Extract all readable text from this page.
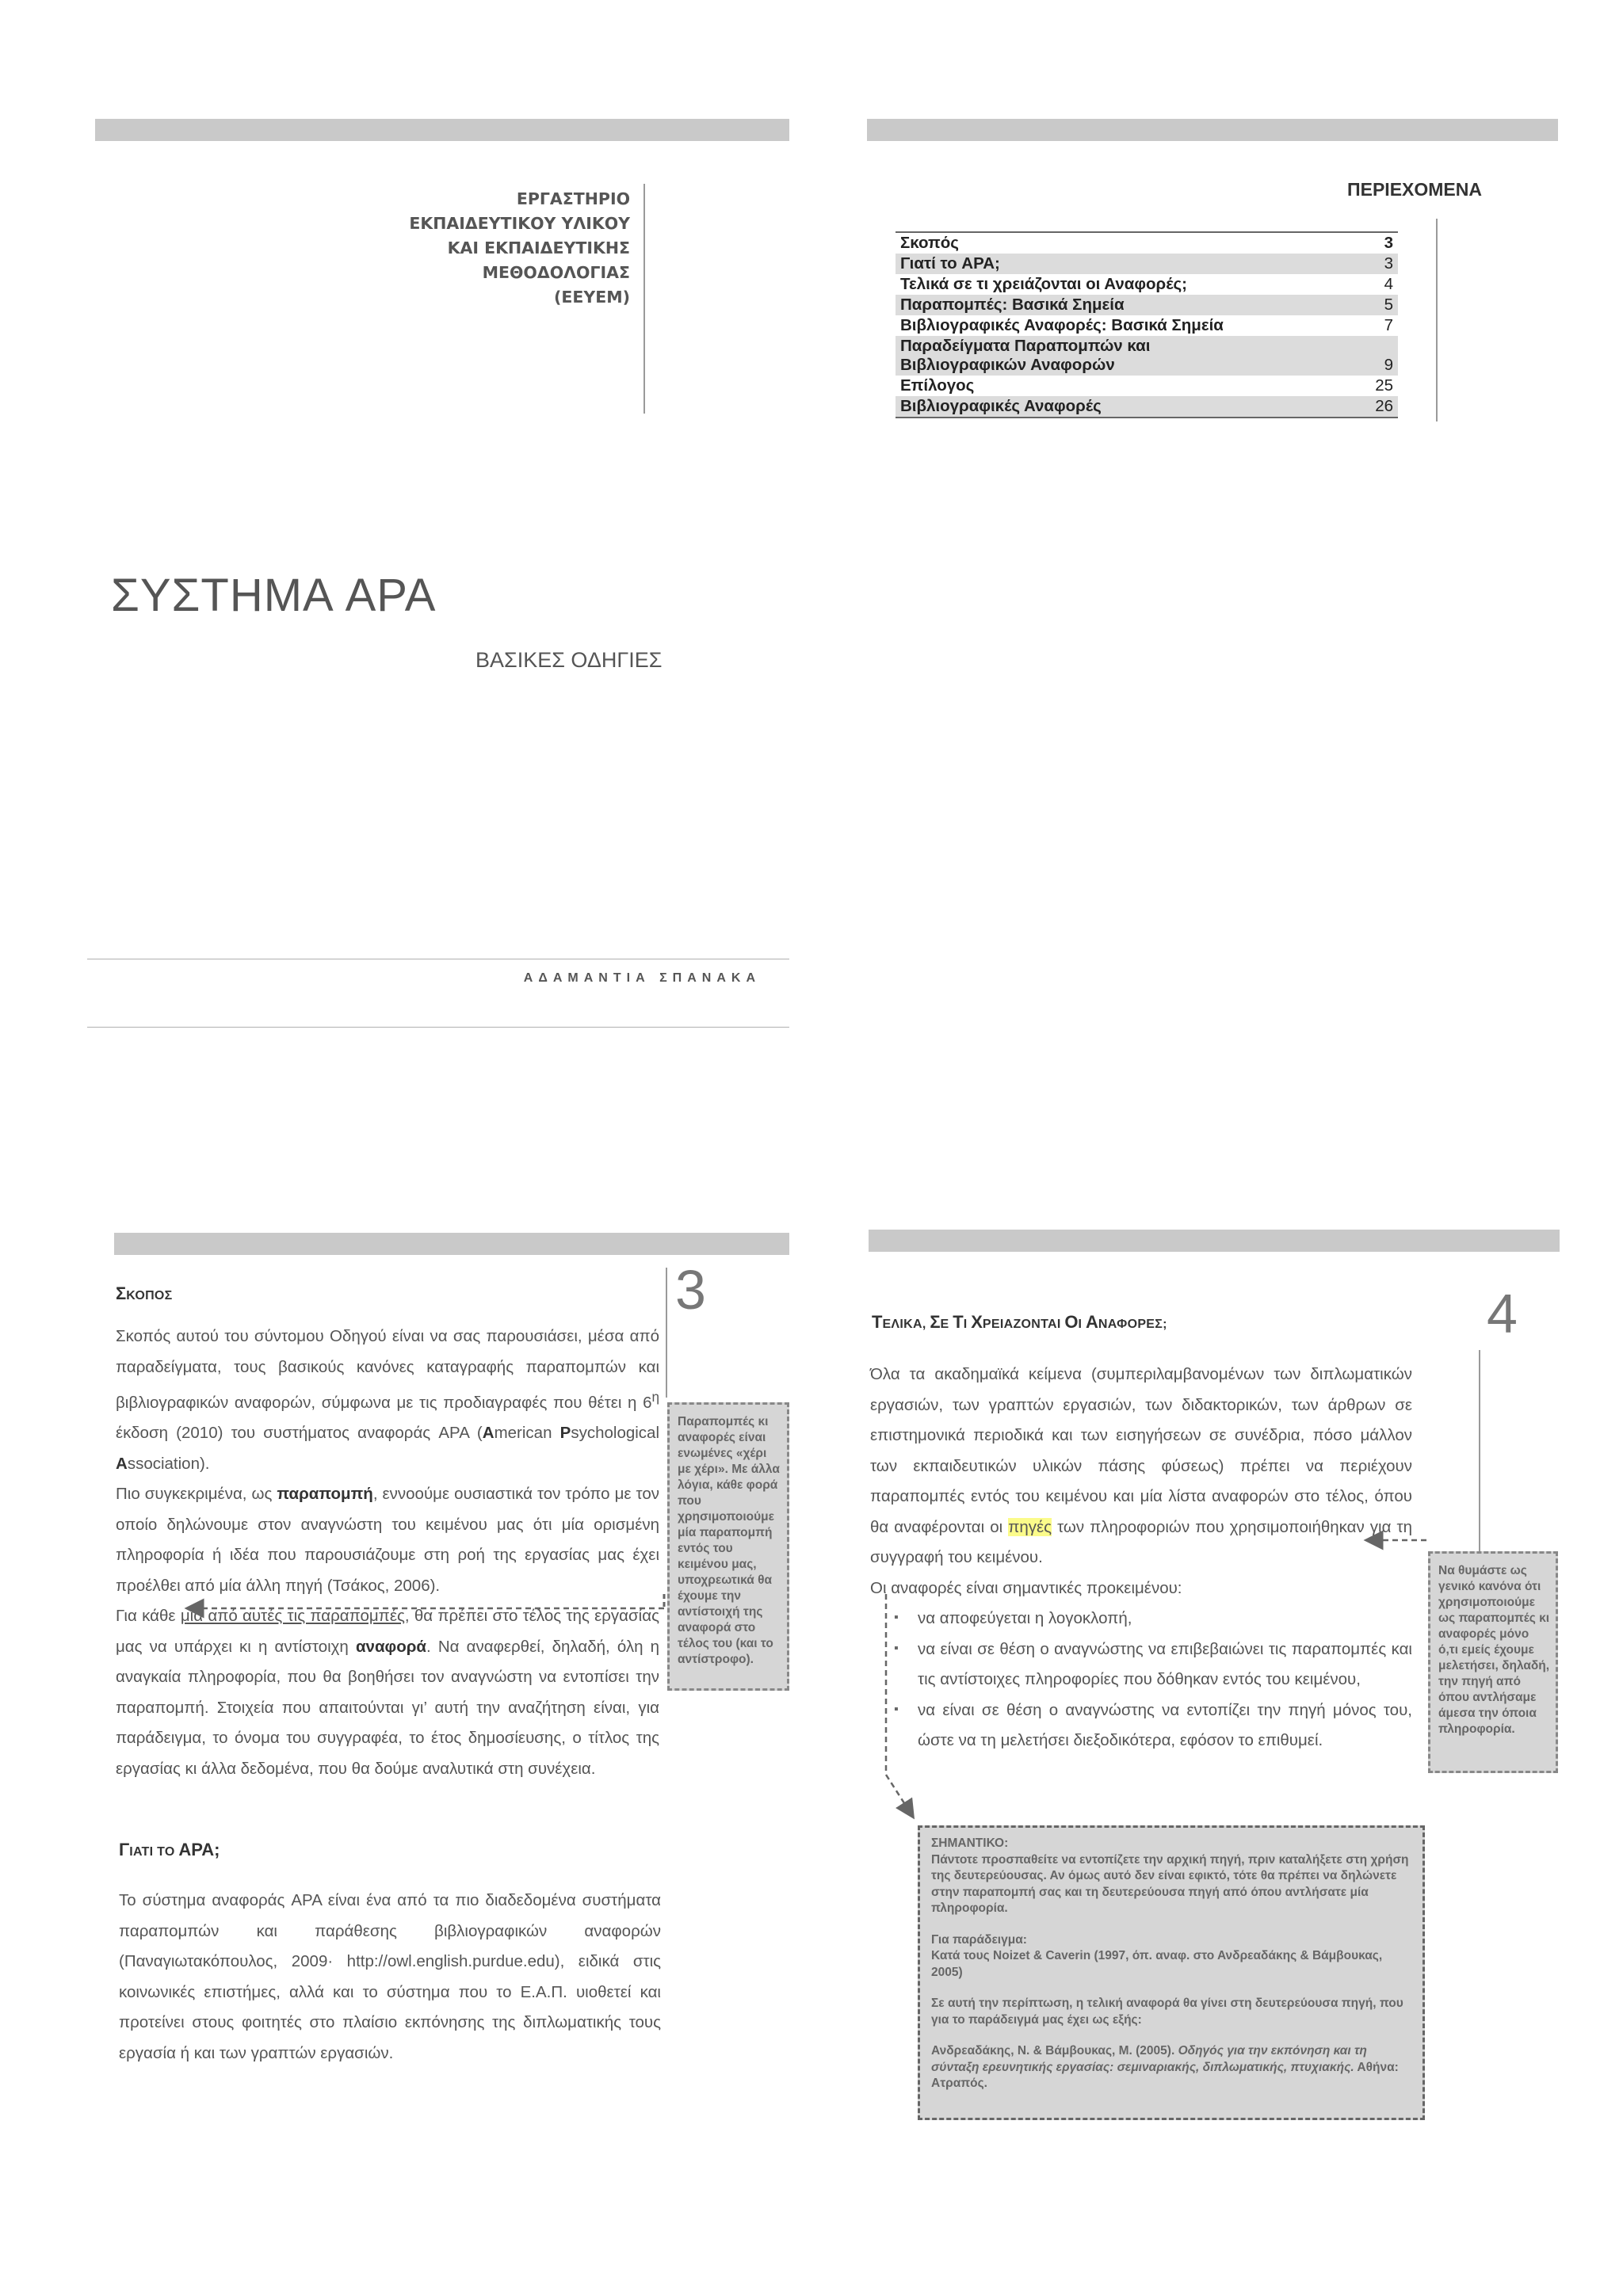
ΕΡΓΑΣΤΗΡΙΟ
ΕΚΠΑΙΔΕΥΤΙΚΟΥ ΥΛΙΚΟΥ
ΚΑΙ ΕΚΠΑΙΔΕΥΤΙΚΗΣ
ΜΕΘΟΔΟΛΟΓΙΑΣ
(ΕΕΥΕΜ)
ΣΥΣΤΗΜΑ APA
ΒΑΣΙΚΕΣ ΟΔΗΓΙΕΣ
ΑΔΑΜΑΝΤΙΑ ΣΠΑΝΑΚΑ
ΠΕΡΙΕΧΟΜΕΝΑ
Σκοπός	3
Γιατί το APA;	3
Τελικά σε τι χρειάζονται οι Αναφορές;	4
Παραπομπές: Βασικά Σημεία	5
Βιβλιογραφικές Αναφορές: Βασικά Σημεία	7
Παραδείγματα Παραπομπών και
Βιβλιογραφικών Αναφορών	9
Επίλογος	25
Βιβλιογραφικές Αναφορές	26
3
ΣΚΟΠΟΣ

Σκοπός αυτού του σύντομου Οδηγού είναι να σας παρουσιάσει, μέσα από παραδείγματα, τους βασικούς κανόνες καταγραφής παραπομπών και βιβλιογραφικών αναφορών, σύμφωνα με τις προδιαγραφές που θέτει η $6^\eta$ έκδοση (2010) του συστήματος αναφοράς APA (American Psychological Association).

Πιο συγκεκριμένα, ως παραπομπή, εννοούμε ουσιαστικά τον τρόπο με τον οποίο δηλώνουμε στον αναγνώστη του κειμένου μας ότι μία ορισμένη πληροφορία ή ιδέα που παρουσιάζουμε στη ροή της εργασίας μας έχει προέλθει από μία άλλη πηγή (Τσάκος, 2006).

Για κάθε μία από αυτές τις παραπομπές, θα πρέπει στο τέλος της εργασίας μας να υπάρχει κι η αντίστοιχη αναφορά. Να αναφερθεί, δηλαδή, όλη η αναγκαία πληροφορία, που θα βοηθήσει τον αναγνώστη να εντοπίσει την παραπομπή. Στοιχεία που απαιτούνται γι’ αυτή την αναζήτηση είναι, για παράδειγμα, το όνομα του συγγραφέα, το έτος δημοσίευσης, ο τίτλος της εργασίας κι άλλα δεδομένα, που θα δούμε αναλυτικά στη συνέχεια.

Παραπομπές κι αναφορές είναι ενωμένες «χέρι με χέρι». Με άλλα λόγια, κάθε φορά που χρησιμοποιούμε μία παραπομπή εντός του κειμένου μας, υποχρεωτικά θα έχουμε την αντίστοιχή της αναφορά στο τέλος του (και το αντίστροφο).
ΓΙΑΤΙ ΤΟ APA;

Το σύστημα αναφοράς APA είναι ένα από τα πιο διαδεδομένα συστήματα παραπομπών και παράθεσης βιβλιογραφικών αναφορών (Παναγιωτακόπουλος, 2009· http://owl.english.purdue.edu), ειδικά στις κοινωνικές επιστήμες, αλλά και το σύστημα που το Ε.Α.Π. υιοθετεί και προτείνει στους φοιτητές στο πλαίσιο εκπόνησης της διπλωματικής τους εργασία ή και των γραπτών εργασιών.

4
ΤΕΛΙΚΑ, ΣΕ ΤΙ ΧΡΕΙΑΖΟΝΤΑΙ ΟΙ ΑΝΑΦΟΡΕΣ;

Όλα τα ακαδημαϊκά κείμενα (συμπεριλαμβανομένων των διπλωματικών εργασιών, των γραπτών εργασιών, των διδακτορικών, των άρθρων σε επιστημονικά περιοδικά και των εισηγήσεων σε συνέδρια, πόσο μάλλον των εκπαιδευτικών υλικών πάσης φύσεως) πρέπει να περιέχουν παραπομπές εντός του κειμένου και μία λίστα αναφορών στο τέλος, όπου θα αναφέρονται οι πηγές των πληροφοριών που χρησιμοποιήθηκαν για τη συγγραφή του κειμένου.

Οι αναφορές είναι σημαντικές προκειμένου:

▪ να αποφεύγεται η λογοκλοπή,
▪ να είναι σε θέση ο αναγνώστης να επιβεβαιώνει τις παραπομπές και τις αντίστοιχες πληροφορίες που δόθηκαν εντός του κειμένου,
▪ να είναι σε θέση ο αναγνώστης να εντοπίζει την πηγή μόνος του, ώστε να τη μελετήσει διεξοδικότερα, εφόσον το επιθυμεί.
Να θυμάστε ως γενικό κανόνα ότι χρησιμοποιούμε ως παραπομπές κι αναφορές μόνο ό,τι εμείς έχουμε μελετήσει, δηλαδή, την πηγή από όπου αντλήσαμε άμεσα την όποια πληροφορία.

ΣΗΜΑΝΤΙΚΟ:

Πάντοτε προσπαθείτε να εντοπίζετε την αρχική πηγή, πριν καταλήξετε στη χρήση της δευτερεύουσας. Αν όμως αυτό δεν είναι εφικτό, τότε θα πρέπει να δηλώνετε στην παραπομπή σας και τη δευτερεύουσα πηγή από όπου αντλήσατε μία πληροφορία.

Για παράδειγμα:
Κατά τους Noizet & Caverin (1997, όπ. αναφ. στο Ανδρεαδάκης & Βάμβουκας, 2005)

Σε αυτή την περίπτωση, η τελική αναφορά θα γίνει στη δευτερεύουσα πηγή, που για το παράδειγμά μας έχει ως εξής:

Ανδρεαδάκης, Ν. & Βάμβουκας, Μ. (2005). Οδηγός για την εκπόνηση και τη σύνταξη ερευνητικής εργασίας: σεμιναριακής, διπλωματικής, πτυχιακής. Αθήνα: Ατραπός.
